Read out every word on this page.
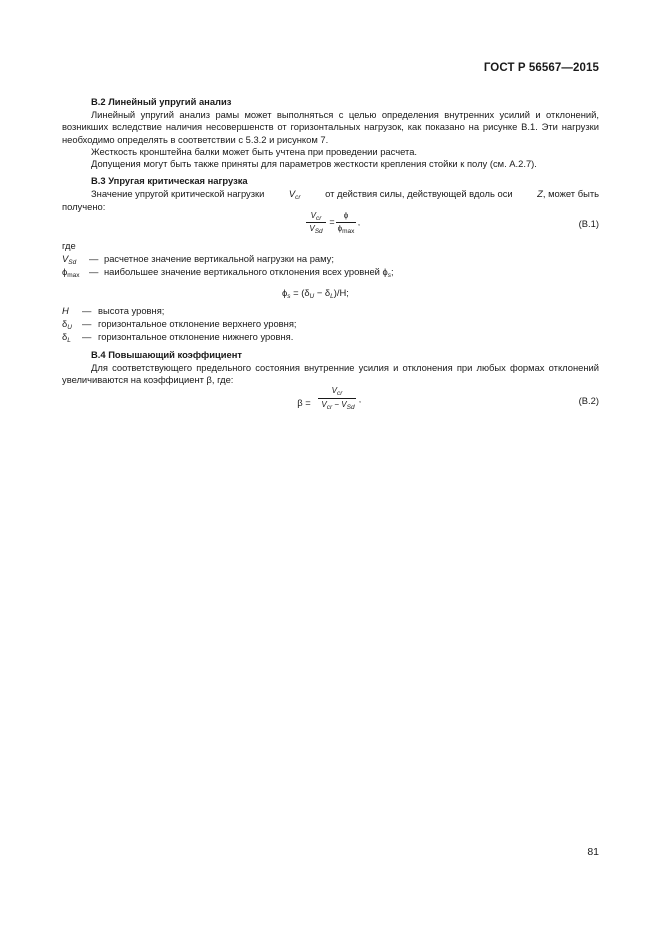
ГОСТ Р 56567—2015
В.2 Линейный упругий анализ
Линейный упругий анализ рамы может выполняться с целью определения внутренних усилий и отклонений, возникших вследствие наличия несовершенств от горизонтальных нагрузок, как показано на рисунке В.1. Эти нагрузки необходимо определять в соответствии с 5.3.2 и рисунком 7.
Жесткость кронштейна балки может быть учтена при проведении расчета.
Допущения могут быть также приняты для параметров жесткости крепления стойки к полу (см. А.2.7).
В.3 Упругая критическая нагрузка
Значение упругой критической нагрузки	$V_{cr}$	от действия силы, действующей вдоль оси	Z, может быть
получено:
$V_{cr}$
$V_{Sd}$
=
ϕ
$\phi_{max}$
,	(В.1)
где
$V_{Sd}$ — расчетное значение вертикальной нагрузки на раму;
$\phi_{max}$ — наибольшее значение вертикального отклонения всех уровней $\phi_s$;
$\phi_s = (\delta_U - \delta_L)/H$;
H — высота уровня;
$\delta_U$ — горизонтальное отклонение верхнего уровня;
$\delta_L$ — горизонтальное отклонение нижнего уровня.
В.4 Повышающий коэффициент
Для соответствующего предельного состояния внутренние усилия и отклонения при любых формах отклонений увеличиваются на коэффициент β, где:
β =
$V_{cr}$
$V_{cr} - V_{Sd}$
,	(В.2)
81
